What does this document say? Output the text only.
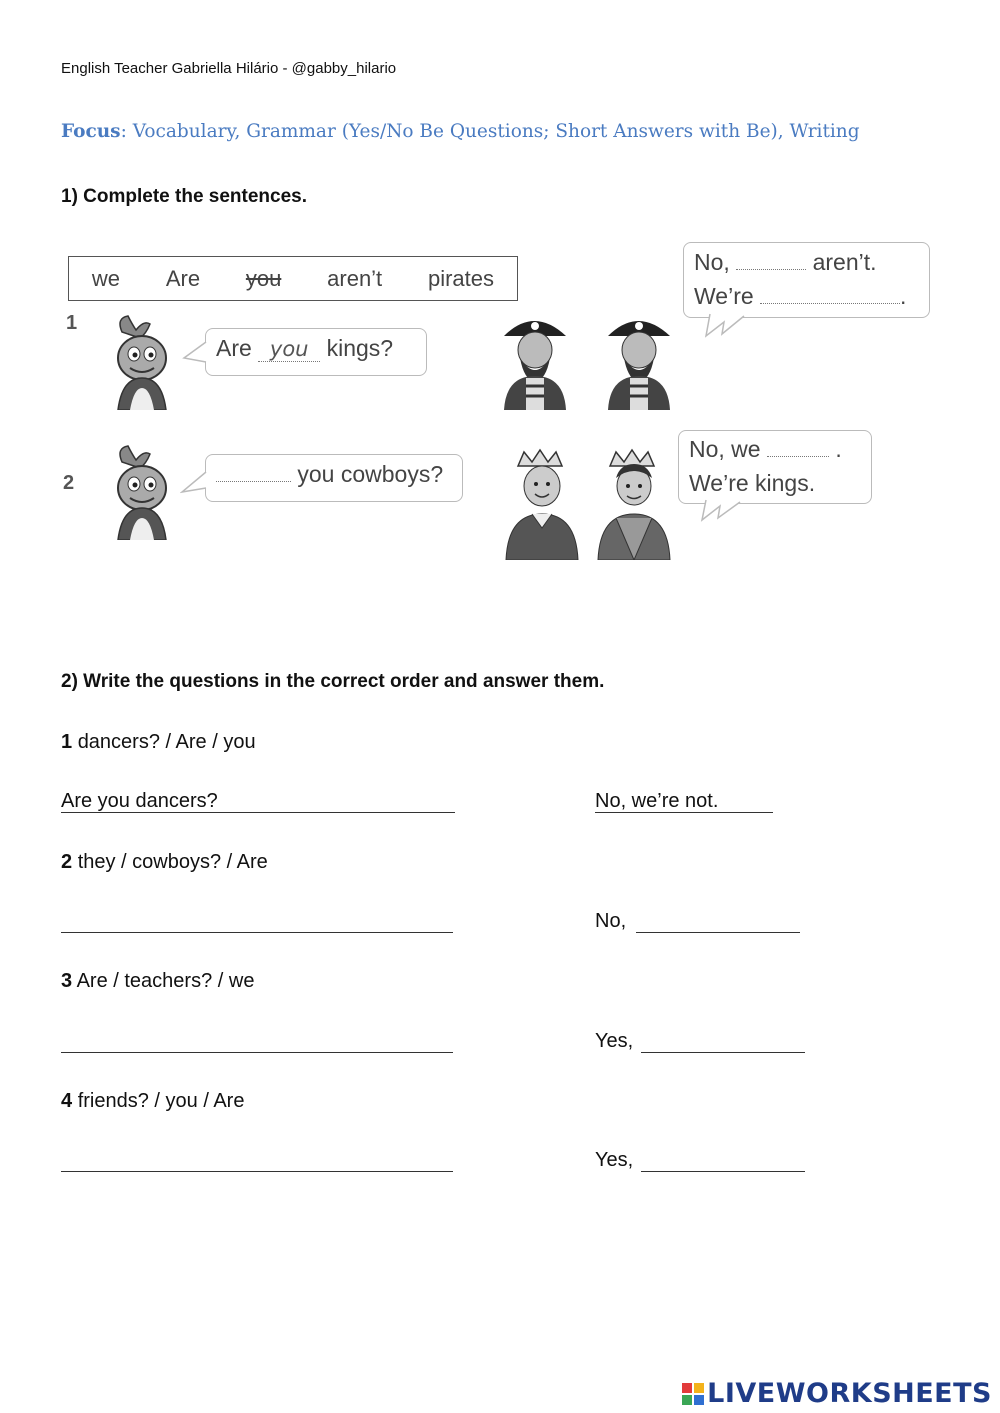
English Teacher Gabriella Hilário - @gabby_hilario
Focus: Vocabulary, Grammar (Yes/No Be Questions; Short Answers with Be), Writing
1) Complete the sentences.
we Are you aren’t pirates
1
Are you kings?
No,	aren’t.
We’re	.
2	you cowboys?
No, we	.
We’re kings.
2) Write the questions in the correct order and answer them.
1 dancers? / Are / you
Are you dancers?	No, we’re not.
2 they / cowboys? / Are
No,
3 Are / teachers? / we
Yes,
4 friends? / you / Are
Yes,
LIVEWORKSHEETS
